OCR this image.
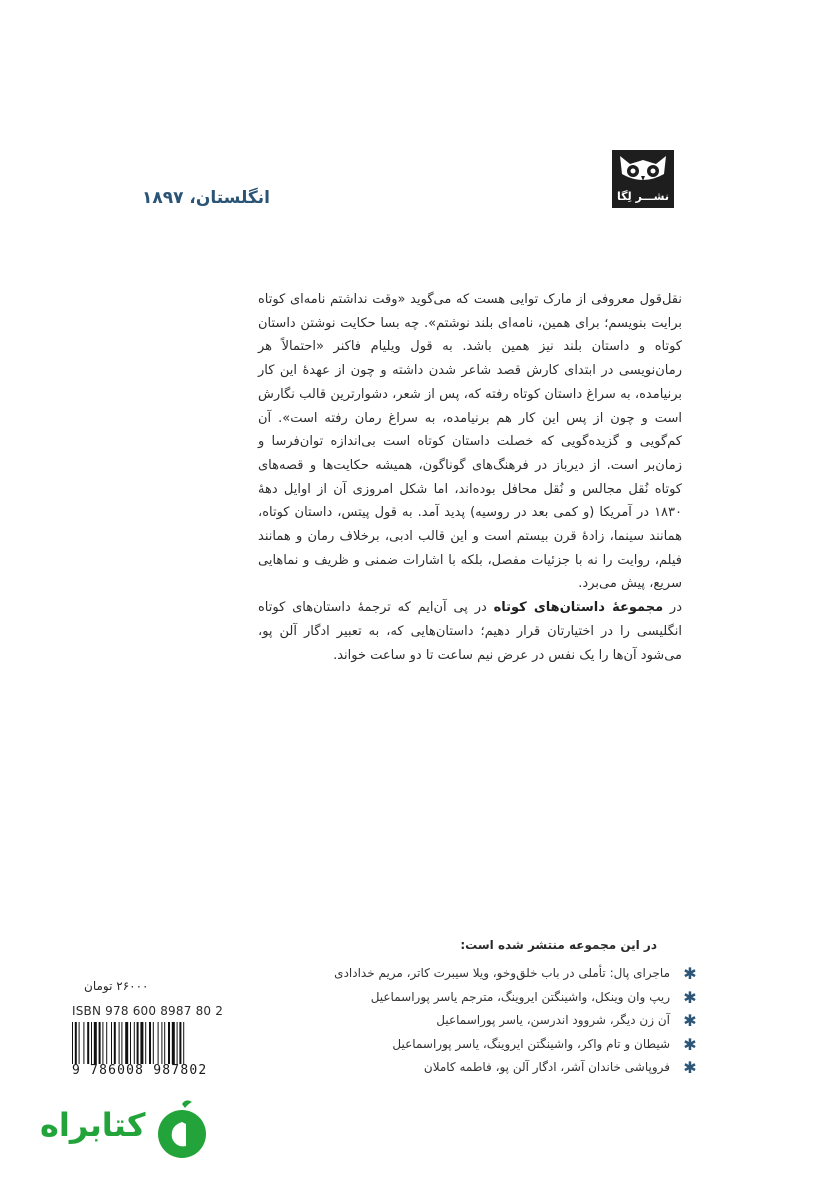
نشـــر لِگا
انگلستان، ۱۸۹۷

نقل‌قول معروفی از مارک توایی هست که می‌گوید «وقت نداشتم نامه‌ای کوتاه برایت بنویسم؛ برای همین، نامه‌ای بلند نوشتم». چه بسا حکایت نوشتن داستان کوتاه و داستان بلند نیز همین باشد. به قول ویلیام فاکنر «احتمالاً هر رمان‌نویسی در ابتدای کارش قصد شاعر شدن داشته و چون از عهدهٔ این کار برنیامده، به سراغ داستان کوتاه رفته که، پس از شعر، دشوارترین قالب نگارش است و چون از پس این کار هم برنیامده، به سراغ رمان رفته است». آن کم‌گویی و گزیده‌گویی که خصلت داستان کوتاه است بی‌اندازه توان‌فرسا و زمان‌بر است. از دیرباز در فرهنگ‌های گوناگون، همیشه حکایت‌ها و قصه‌های کوتاه نُقل مجالس و نُقل محافل بوده‌اند، اما شکل امروزی آن از اوایل دههٔ ۱۸۳۰ در آمریکا (و کمی بعد در روسیه) پدید آمد. به قول پیتس، داستان کوتاه، همانند سینما، زادهٔ قرن بیستم است و این قالب ادبی، برخلاف رمان و همانند فیلم، روایت را نه با جزئیات مفصل، بلکه با اشارات ضمنی و ظریف و نماهایی سریع، پیش می‌برد.

در مجموعهٔ داستان‌های کوتاه در پی آن‌ایم که ترجمهٔ داستان‌های کوتاه انگلیسی را در اختیارتان قرار دهیم؛ داستان‌هایی که، به تعبیر ادگار آلن پو، می‌شود آن‌ها را یک نفس در عرض نیم ساعت تا دو ساعت خواند.

در این مجموعه منتشر شده است:
✱
ماجرای پال: تأملی در باب خلق‌وخو، ویلا سیبرت کاتر، مریم خدادادی
✱
ریپ وان وینکل، واشینگتن ایروینگ، مترجم یاسر پوراسماعیل
✱
آن زن دیگر، شروود اندرسن، یاسر پوراسماعیل
✱
شیطان و تام واکر، واشینگتن ایروینگ، یاسر پوراسماعیل
✱
فروپاشی خاندان آشر، ادگار آلن پو، فاطمه کاملان
۲۶۰۰۰ تومان
ISBN 978 600 8987 80 2
9 786008 987802
کتابراه
